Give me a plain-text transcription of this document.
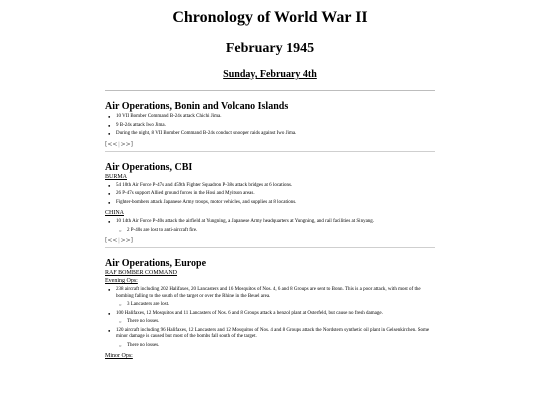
Chronology of World War II
February 1945
Sunday, February 4th
Air Operations, Bonin and Volcano Islands
● 10 VII Bomber Command B-24s attack Chichi Jima.
● 9 B-24s attack Iwo Jima.
● During the night, 8 VII Bomber Command B-24s conduct snooper raids against Iwo Jima.
[<< | >>]
Air Operations, CBI
BURMA
● 54 10th Air Force P-47s and 459th Fighter Squadron P-38s attack bridges at 6 locations.
● 26 P-47s support Allied ground forces in the Hosi and Myitson areas.
● Fighter-bombers attack Japanese Army troops, motor vehicles, and supplies at 8 locations.
CHINA
● 10 14th Air Force P-40s attack the airfield at Yungning, a Japanese Army headquarters at Yungning, and rail facilities at Sinyang.
○ 2 P-40s are lost to anti-aircraft fire.
[<< | >>]
Air Operations, Europe
RAF BOMBER COMMAND
Evening Ops:
● 238 aircraft including 202 Halifaxes, 20 Lancasters and 16 Mosquitos of Nos. 4, 6 and 8 Groups are sent to Bonn. This is a poor attack, with most of the bombing falling to the south of the target or over the Rhine in the Beuel area.
○ 3 Lancasters are lost.
● 100 Halifaxes, 12 Mosquitos and 11 Lancasters of Nos. 6 and 8 Groups attack a benzol plant at Osterfeld, but cause no fresh damage.
○ There no losses.
● 120 aircraft including 96 Halifaxes, 12 Lancasters and 12 Mosquitos of Nos. 4 and 8 Groups attack the Nordstern synthetic oil plant in Gelsenkirchen. Some minor damage is caused but most of the bombs fall south of the target.
○ There no losses.
Minor Ops:
